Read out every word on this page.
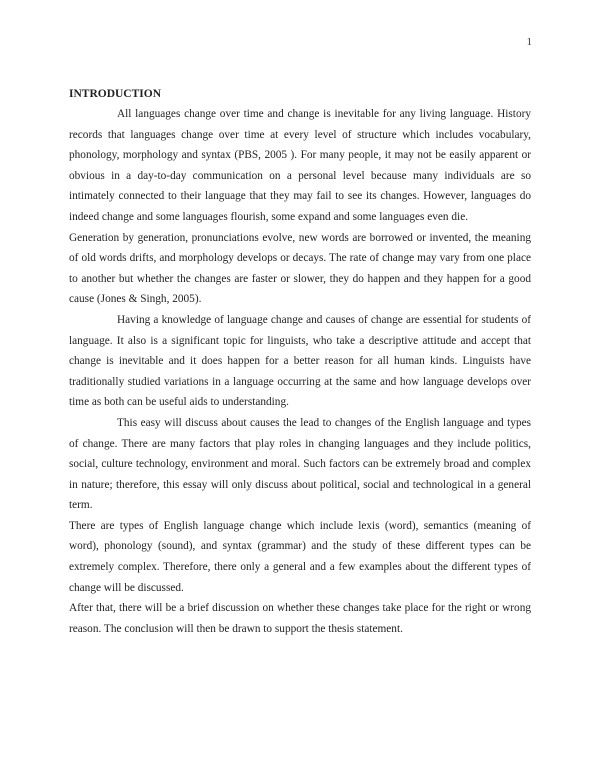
1
INTRODUCTION

All languages change over time and change is inevitable for any living language. History records that languages change over time at every level of structure which includes vocabulary, phonology, morphology and syntax (PBS, 2005 ). For many people, it may not be easily apparent or obvious in a day-to-day communication on a personal level because many individuals are so intimately connected to their language that they may fail to see its changes. However, languages do indeed change and some languages flourish, some expand and some languages even die.

Generation by generation, pronunciations evolve, new words are borrowed or invented, the meaning of old words drifts, and morphology develops or decays. The rate of change may vary from one place to another but whether the changes are faster or slower, they do happen and they happen for a good cause (Jones & Singh, 2005).

Having a knowledge of language change and causes of change are essential for students of language. It also is a significant topic for linguists, who take a descriptive attitude and accept that change is inevitable and it does happen for a better reason for all human kinds. Linguists have traditionally studied variations in a language occurring at the same and how language develops over time as both can be useful aids to understanding.

This easy will discuss about causes the lead to changes of the English language and types of change. There are many factors that play roles in changing languages and they include politics, social, culture technology, environment and moral. Such factors can be extremely broad and complex in nature; therefore, this essay will only discuss about political, social and technological in a general term.

There are types of English language change which include lexis (word), semantics (meaning of word), phonology (sound), and syntax (grammar) and the study of these different types can be extremely complex. Therefore, there only a general and a few examples about the different types of change will be discussed.

After that, there will be a brief discussion on whether these changes take place for the right or wrong reason. The conclusion will then be drawn to support the thesis statement.
